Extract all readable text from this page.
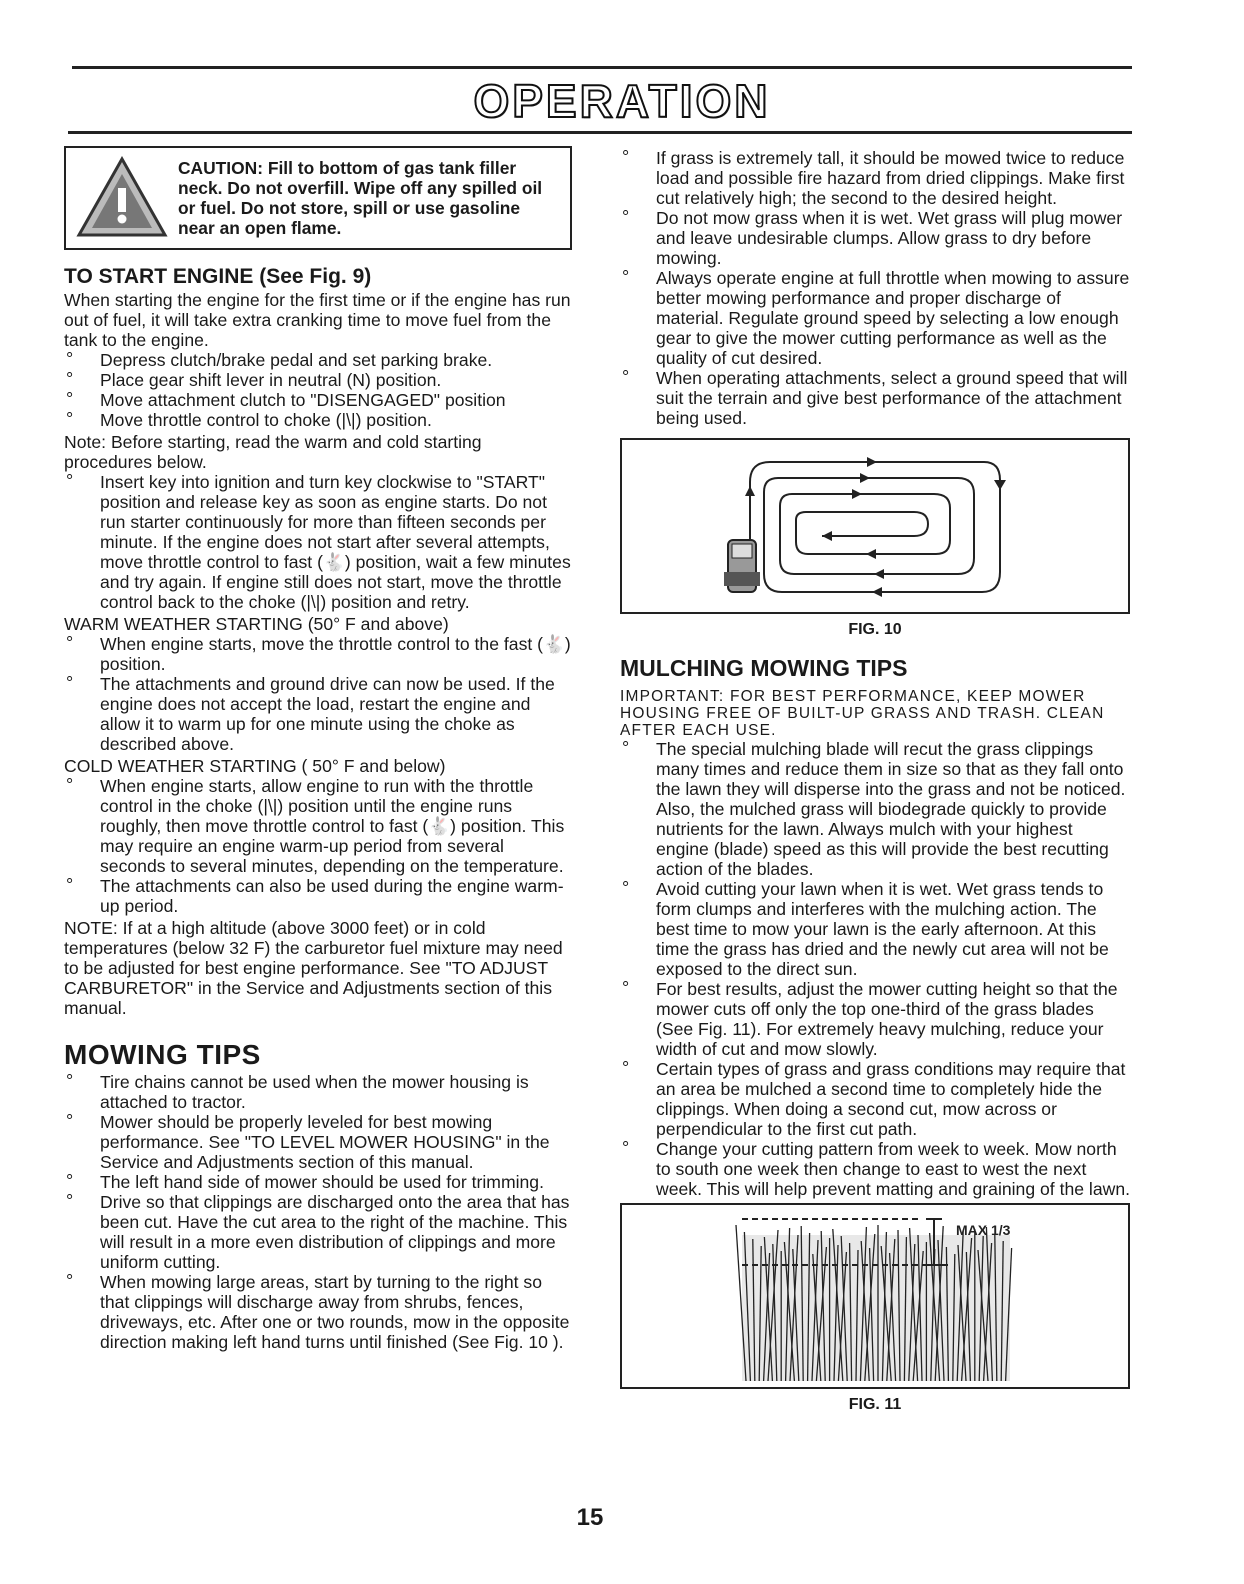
OPERATION
CAUTION: Fill to bottom of gas tank filler neck. Do not overfill. Wipe off any spilled oil or fuel. Do not store, spill or use gasoline near an open flame.
TO START ENGINE (See Fig. 9)

When starting the engine for the first time or if the engine has run out of fuel, it will take extra cranking time to move fuel from the tank to the engine.

° Depress clutch/brake pedal and set parking brake.
° Place gear shift lever in neutral (N) position.
° Move attachment clutch to "DISENGAGED" position
° Move throttle control to choke (|\|) position.

Note: Before starting, read the warm and cold starting procedures below.

° Insert key into ignition and turn key clockwise to "START" position and release key as soon as engine starts. Do not run starter continuously for more than fifteen seconds per minute. If the engine does not start after several attempts, move throttle control to fast (🐇) position, wait a few minutes and try again. If engine still does not start, move the throttle control back to the choke (|\|) position and retry.

WARM WEATHER STARTING (50° F and above)

° When engine starts, move the throttle control to the fast (🐇) position.
° The attachments and ground drive can now be used. If the engine does not accept the load, restart the engine and allow it to warm up for one minute using the choke as described above.

COLD WEATHER STARTING ( 50° F and below)

° When engine starts, allow engine to run with the throttle control in the choke (|\|) position until the engine runs roughly, then move throttle control to fast (🐇) position. This may require an engine warm-up period from several seconds to several minutes, depending on the temperature.
° The attachments can also be used during the engine warm-up period.

NOTE: If at a high altitude (above 3000 feet) or in cold temperatures (below 32 F) the carburetor fuel mixture may need to be adjusted for best engine performance. See "TO ADJUST CARBURETOR" in the Service and Adjustments section of this manual.

MOWING TIPS
° Tire chains cannot be used when the mower housing is attached to tractor.
° Mower should be properly leveled for best mowing performance. See "TO LEVEL MOWER HOUSING" in the Service and Adjustments section of this manual.
° The left hand side of mower should be used for trimming.
° Drive so that clippings are discharged onto the area that has been cut. Have the cut area to the right of the machine. This will result in a more even distribution of clippings and more uniform cutting.
° When mowing large areas, start by turning to the right so that clippings will discharge away from shrubs, fences, driveways, etc. After one or two rounds, mow in the opposite direction making left hand turns until finished (See Fig. 10 ).
° If grass is extremely tall, it should be mowed twice to reduce load and possible fire hazard from dried clippings. Make first cut relatively high; the second to the desired height.
° Do not mow grass when it is wet. Wet grass will plug mower and leave undesirable clumps. Allow grass to dry before mowing.
° Always operate engine at full throttle when mowing to assure better mowing performance and proper discharge of material. Regulate ground speed by selecting a low enough gear to give the mower cutting performance as well as the quality of cut desired.
° When operating attachments, select a ground speed that will suit the terrain and give best performance of the attachment being used.
FIG. 10
MULCHING MOWING TIPS

IMPORTANT: FOR BEST PERFORMANCE, KEEP MOWER HOUSING FREE OF BUILT-UP GRASS AND TRASH. CLEAN AFTER EACH USE.

° The special mulching blade will recut the grass clippings many times and reduce them in size so that as they fall onto the lawn they will disperse into the grass and not be noticed. Also, the mulched grass will biodegrade quickly to provide nutrients for the lawn. Always mulch with your highest engine (blade) speed as this will provide the best recutting action of the blades.
° Avoid cutting your lawn when it is wet. Wet grass tends to form clumps and interferes with the mulching action. The best time to mow your lawn is the early afternoon. At this time the grass has dried and the newly cut area will not be exposed to the direct sun.
° For best results, adjust the mower cutting height so that the mower cuts off only the top one-third of the grass blades (See Fig. 11). For extremely heavy mulching, reduce your width of cut and mow slowly.
° Certain types of grass and grass conditions may require that an area be mulched a second time to completely hide the clippings. When doing a second cut, mow across or perpendicular to the first cut path.
° Change your cutting pattern from week to week. Mow north to south one week then change to east to west the next week. This will help prevent matting and graining of the lawn.
MAX 1/3
FIG. 11
15
